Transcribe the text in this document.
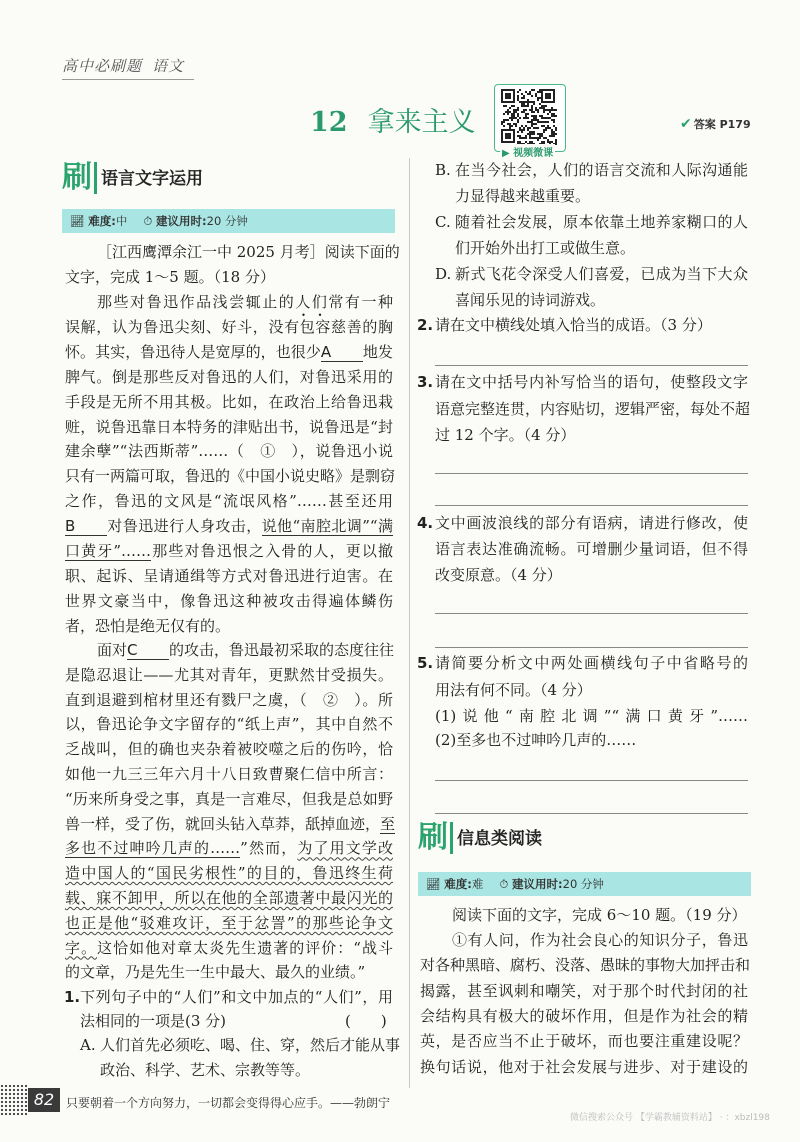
高中必刷题 语文
12 拿来主义
▶ 视频微课
✔ 答案 P179
刷 语言文字运用
📈︎ 难度:中 ⏱ 建议用时:20 分钟
刷 信息类阅读
📈︎ 难度:难 ⏱ 建议用时:20 分钟
［江西鹰潭余江一中 2025 月考］阅读下面的
文字，完成 1～5 题。（18 分）
那些对鲁迅作品浅尝辄止的人们常有一种
误解，认为鲁迅尖刻、好斗，没有包容慈善的胸
怀。其实，鲁迅待人是宽厚的，也很少A 地发
脾气。倒是那些反对鲁迅的人们，对鲁迅采用的
手段是无所不用其极。比如，在政治上给鲁迅栽
赃，说鲁迅靠日本特务的津贴出书，说鲁迅是“封
建余孽”“法西斯蒂”……（　①　），说鲁迅小说
只有一两篇可取，鲁迅的《中国小说史略》是剽窃
之作，鲁迅的文风是“流氓风格”……甚至还用
B 对鲁迅进行人身攻击，说他“南腔北调”“满
口黄牙”……那些对鲁迅恨之入骨的人，更以撤
职、起诉、呈请通缉等方式对鲁迅进行迫害。在
世界文豪当中，像鲁迅这种被攻击得遍体鳞伤
者，恐怕是绝无仅有的。
面对C 的攻击，鲁迅最初采取的态度往往
是隐忍退让——尤其对青年，更默然甘受损失。
直到退避到棺材里还有戮尸之虞，（　②　）。所
以，鲁迅论争文字留存的“纸上声”，其中自然不
乏战叫，但的确也夹杂着被咬噬之后的伤吟，恰
如他一九三三年六月十八日致曹聚仁信中所言：
“历来所身受之事，真是一言难尽，但我是总如野
兽一样，受了伤，就回头钻入草莽，舐掉血迹，至
多也不过呻吟几声的……”然而，为了用文学改
造中国人的“国民劣根性”的目的，鲁迅终生荷
载、寐不卸甲，所以在他的全部遗著中最闪光的
也正是他“驳难攻讦，至于忿詈”的那些论争文
字。这恰如他对章太炎先生遗著的评价：“战斗
的文章，乃是先生一生中最大、最久的业绩。”
1. 下列句子中的“人们”和文中加点的“人们”，用
法相同的一项是(3 分)
A. 人们首先必须吃、喝、住、穿，然后才能从事
政治、科学、艺术、宗教等等。
B. 在当今社会，人们的语言交流和人际沟通能
力显得越来越重要。
C. 随着社会发展，原本依靠土地养家糊口的人
们开始外出打工或做生意。
D. 新式飞花令深受人们喜爱，已成为当下大众
喜闻乐见的诗词游戏。
2. 请在文中横线处填入恰当的成语。（3 分）
3. 请在文中括号内补写恰当的语句，使整段文字
语意完整连贯，内容贴切，逻辑严密，每处不超
过 12 个字。（4 分）
4. 文中画波浪线的部分有语病，请进行修改，使
语言表达准确流畅。可增删少量词语，但不得
改变原意。（4 分）
5. 请简要分析文中两处画横线句子中省略号的
用法有何不同。（4 分）
(1)说他“南腔北调”“满口黄牙”……
(2)至多也不过呻吟几声的……
阅读下面的文字，完成 6～10 题。（19 分）
①有人问，作为社会良心的知识分子，鲁迅
对各种黑暗、腐朽、没落、愚昧的事物大加抨击和
揭露，甚至讽刺和嘲笑，对于那个时代封闭的社
会结构具有极大的破坏作用，但是作为社会的精
英，是否应当不止于破坏，而也要注重建设呢？
换句话说，他对于社会发展与进步、对于建设的
(　　)
82 只要朝着一个方向努力，一切都会变得得心应手。——勃朗宁
微信搜索公众号 【学霸教辅资料站】 · ：xbzl198
